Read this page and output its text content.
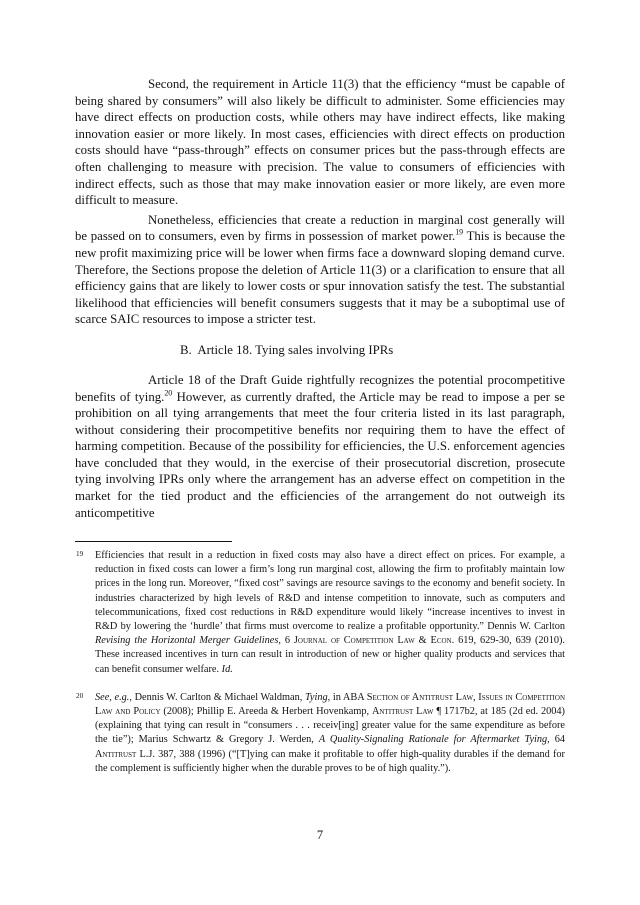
Second, the requirement in Article 11(3) that the efficiency “must be capable of being shared by consumers” will also likely be difficult to administer. Some efficiencies may have direct effects on production costs, while others may have indirect effects, like making innovation easier or more likely. In most cases, efficiencies with direct effects on production costs should have “pass-through” effects on consumer prices but the pass-through effects are often challenging to measure with precision. The value to consumers of efficiencies with indirect effects, such as those that may make innovation easier or more likely, are even more difficult to measure.

Nonetheless, efficiencies that create a reduction in marginal cost generally will be passed on to consumers, even by firms in possession of market power.$^{19}$ This is because the new profit maximizing price will be lower when firms face a downward sloping demand curve. Therefore, the Sections propose the deletion of Article 11(3) or a clarification to ensure that all efficiency gains that are likely to lower costs or spur innovation satisfy the test. The substantial likelihood that efficiencies will benefit consumers suggests that it may be a suboptimal use of scarce SAIC resources to impose a stricter test.

B.  Article 18. Tying sales involving IPRs

Article 18 of the Draft Guide rightfully recognizes the potential procompetitive benefits of tying.$^{20}$ However, as currently drafted, the Article may be read to impose a per se prohibition on all tying arrangements that meet the four criteria listed in its last paragraph, without considering their procompetitive benefits nor requiring them to have the effect of harming competition. Because of the possibility for efficiencies, the U.S. enforcement agencies have concluded that they would, in the exercise of their prosecutorial discretion, prosecute tying involving IPRs only where the arrangement has an adverse effect on competition in the market for the tied product and the efficiencies of the arrangement do not outweigh its anticompetitive

19 Efficiencies that result in a reduction in fixed costs may also have a direct effect on prices. For example, a reduction in fixed costs can lower a firm’s long run marginal cost, allowing the firm to profitably maintain low prices in the long run. Moreover, “fixed cost” savings are resource savings to the economy and benefit society. In industries characterized by high levels of R&D and intense competition to innovate, such as computers and telecommunications, fixed cost reductions in R&D expenditure would likely “increase incentives to invest in R&D by lowering the ‘hurdle’ that firms must overcome to realize a profitable opportunity.” Dennis W. Carlton Revising the Horizontal Merger Guidelines, 6 Journal of Competition Law & Econ. 619, 629-30, 639 (2010). These increased incentives in turn can result in introduction of new or higher quality products and services that can benefit consumer welfare. Id.
20 See, e.g., Dennis W. Carlton & Michael Waldman, Tying, in ABA Section of Antitrust Law, Issues in Competition Law and Policy (2008); Phillip E. Areeda & Herbert Hovenkamp, Antitrust Law ¶ 1717b2, at 185 (2d ed. 2004) (explaining that tying can result in “consumers . . . receiv[ing] greater value for the same expenditure as before the tie”); Marius Schwartz & Gregory J. Werden, A Quality-Signaling Rationale for Aftermarket Tying, 64 Antitrust L.J. 387, 388 (1996) (“[T]ying can make it profitable to offer high-quality durables if the demand for the complement is sufficiently higher when the durable proves to be of high quality.”).
7
